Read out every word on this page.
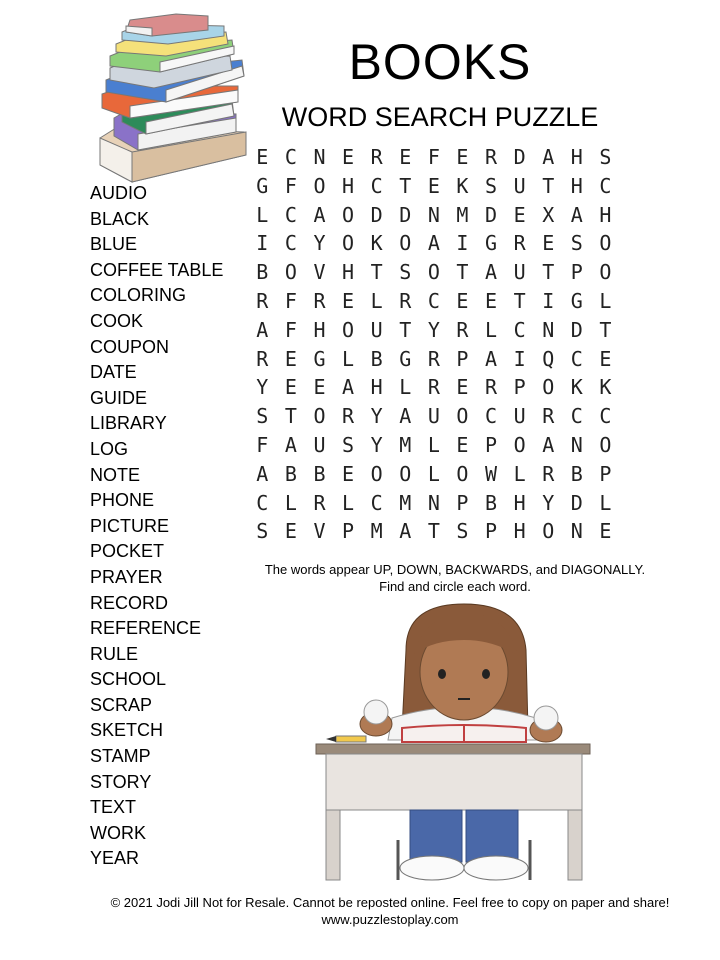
BOOKS
WORD SEARCH PUZZLE
E C N E R E F E R D A H S
G F O H C T E K S U T H C
L C A O D D N M D E X A H
I C Y O K O A I G R E S O
B O V H T S O T A U T P O
R F R E L R C E E T I G L
A F H O U T Y R L C N D T
R E G L B G R P A I Q C E
Y E E A H L R E R P O K K
S T O R Y A U O C U R C C
F A U S Y M L E P O A N O
A B B E O O L O W L R B P
C L R L C M N P B H Y D L
S E V P M A T S P H O N E
AUDIO
BLACK
BLUE
COFFEE TABLE
COLORING
COOK
COUPON
DATE
GUIDE
LIBRARY
LOG
NOTE
PHONE
PICTURE
POCKET
PRAYER
RECORD
REFERENCE
RULE
SCHOOL
SCRAP
SKETCH
STAMP
STORY
TEXT
WORK
YEAR
The words appear UP, DOWN, BACKWARDS, and DIAGONALLY.
Find and circle each word.
© 2021 Jodi Jill Not for Resale. Cannot be reposted online. Feel free to copy on paper and share!
www.puzzlestoplay.com
